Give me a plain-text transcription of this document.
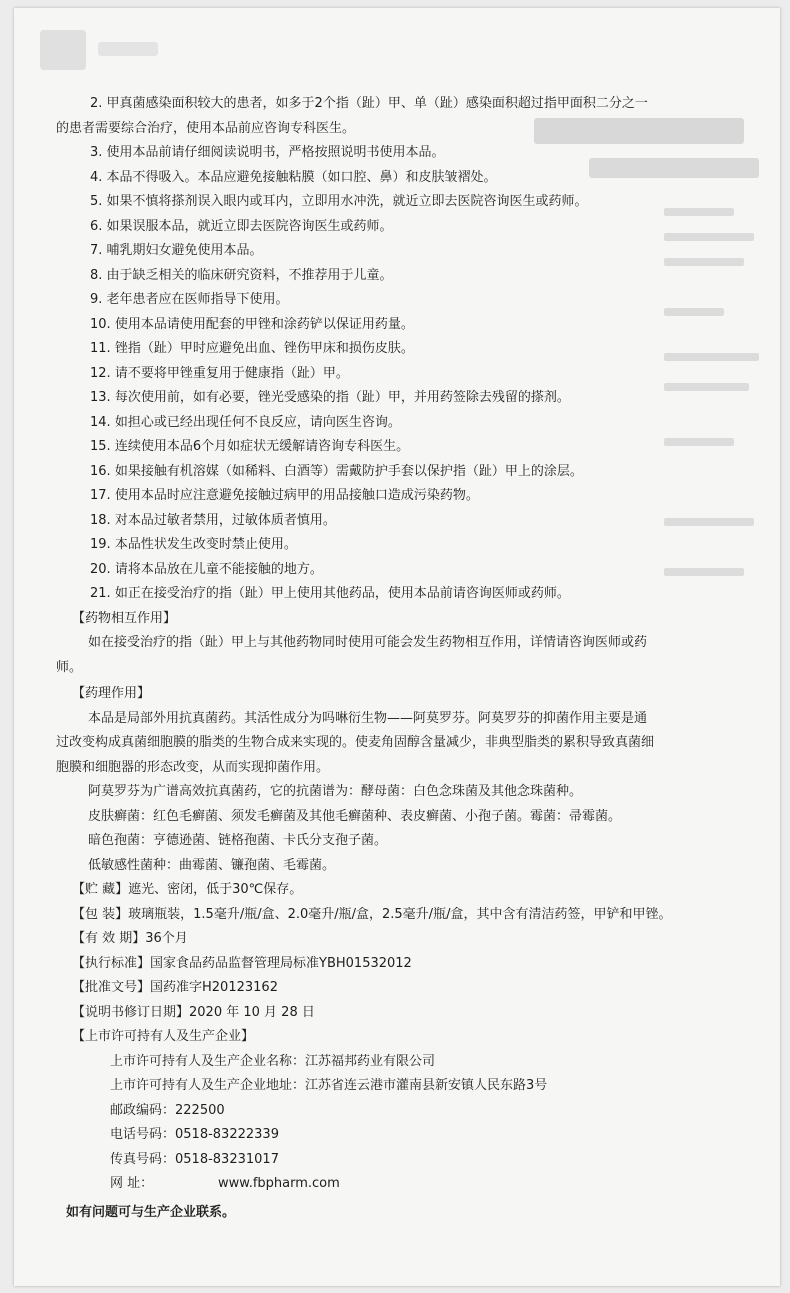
2. 甲真菌感染面积较大的患者，如多于2个指（趾）甲、单（趾）感染面积超过指甲面积二分之一
的患者需要综合治疗，使用本品前应咨询专科医生。
3. 使用本品前请仔细阅读说明书，严格按照说明书使用本品。
4. 本品不得吸入。本品应避免接触粘膜（如口腔、鼻）和皮肤皱褶处。
5. 如果不慎将搽剂误入眼内或耳内，立即用水冲洗，就近立即去医院咨询医生或药师。
6. 如果误服本品，就近立即去医院咨询医生或药师。
7. 哺乳期妇女避免使用本品。
8. 由于缺乏相关的临床研究资料，不推荐用于儿童。
9. 老年患者应在医师指导下使用。
10. 使用本品请使用配套的甲锉和涂药铲以保证用药量。
11. 锉指（趾）甲时应避免出血、锉伤甲床和损伤皮肤。
12. 请不要将甲锉重复用于健康指（趾）甲。
13. 每次使用前，如有必要，锉光受感染的指（趾）甲，并用药签除去残留的搽剂。
14. 如担心或已经出现任何不良反应，请向医生咨询。
15. 连续使用本品6个月如症状无缓解请咨询专科医生。
16. 如果接触有机溶媒（如稀料、白酒等）需戴防护手套以保护指（趾）甲上的涂层。
17. 使用本品时应注意避免接触过病甲的用品接触口造成污染药物。
18. 对本品过敏者禁用，过敏体质者慎用。
19. 本品性状发生改变时禁止使用。
20. 请将本品放在儿童不能接触的地方。
21. 如正在接受治疗的指（趾）甲上使用其他药品，使用本品前请咨询医师或药师。
【药物相互作用】
如在接受治疗的指（趾）甲上与其他药物同时使用可能会发生药物相互作用，详情请咨询医师或药
师。
【药理作用】
本品是局部外用抗真菌药。其活性成分为吗啉衍生物——阿莫罗芬。阿莫罗芬的抑菌作用主要是通
过改变构成真菌细胞膜的脂类的生物合成来实现的。使麦角固醇含量减少，非典型脂类的累积导致真菌细
胞膜和细胞器的形态改变，从而实现抑菌作用。
阿莫罗芬为广谱高效抗真菌药，它的抗菌谱为：酵母菌：白色念珠菌及其他念珠菌种。
皮肤癣菌：红色毛癣菌、须发毛癣菌及其他毛癣菌种、表皮癣菌、小孢子菌。霉菌：帚霉菌。
暗色孢菌：亨德逊菌、链格孢菌、卡氏分支孢子菌。
低敏感性菌种：曲霉菌、镰孢菌、毛霉菌。
【贮 藏】遮光、密闭，低于30℃保存。
【包 装】玻璃瓶装，1.5毫升/瓶/盒、2.0毫升/瓶/盒，2.5毫升/瓶/盒，其中含有清洁药签，甲铲和甲锉。
【有 效 期】36个月
【执行标准】国家食品药品监督管理局标准YBH01532012
【批准文号】国药准字H20123162
【说明书修订日期】2020 年 10 月 28 日
【上市许可持有人及生产企业】
上市许可持有人及生产企业名称：江苏福邦药业有限公司
上市许可持有人及生产企业地址：江苏省连云港市灌南县新安镇人民东路3号
邮政编码：222500
电话号码：0518-83222339
传真号码：0518-83231017
网 址：	www.fbpharm.com
如有问题可与生产企业联系。
